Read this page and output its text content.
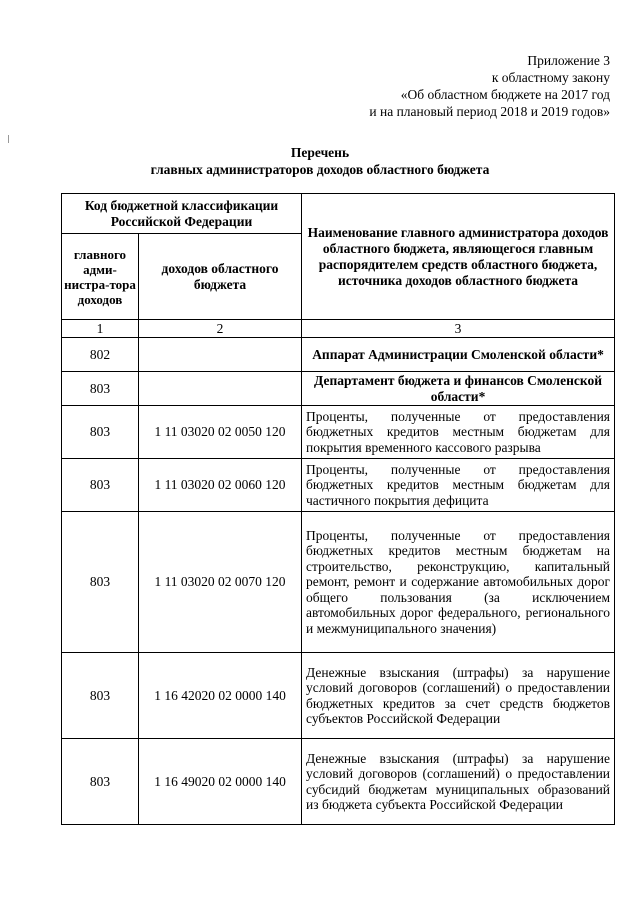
Приложение 3
к областному закону
«Об областном бюджете на 2017 год
и на плановый период 2018 и 2019 годов»
Перечень
главных администраторов доходов областного бюджета
Код бюджетной классификации Российской Федерации		Наименование главного администратора доходов областного бюджета, являющегося главным распорядителем средств областного бюджета, источника доходов областного бюджета
главного адми-нистра-тора доходов	доходов областного бюджета	
1	2	3
802		Аппарат Администрации Смоленской области*
803		Департамент бюджета и финансов Смоленской области*
803	1 11 03020 02 0050 120	Проценты, полученные от предоставления бюджетных кредитов местным бюджетам для покрытия временного кассового разрыва
803	1 11 03020 02 0060 120	Проценты, полученные от предоставления бюджетных кредитов местным бюджетам для частичного покрытия дефицита
803	1 11 03020 02 0070 120	Проценты, полученные от предоставления бюджетных кредитов местным бюджетам на строительство, реконструкцию, капитальный ремонт, ремонт и содержание автомобильных дорог общего пользования (за исключением автомобильных дорог федерального, регионального и межмуниципального значения)
803	1 16 42020 02 0000 140	Денежные взыскания (штрафы) за нарушение условий договоров (соглашений) о предоставлении бюджетных кредитов за счет средств бюджетов субъектов Российской Федерации
803	1 16 49020 02 0000 140	Денежные взыскания (штрафы) за нарушение условий договоров (соглашений) о предоставлении субсидий бюджетам муниципальных образований из бюджета субъекта Российской Федерации
